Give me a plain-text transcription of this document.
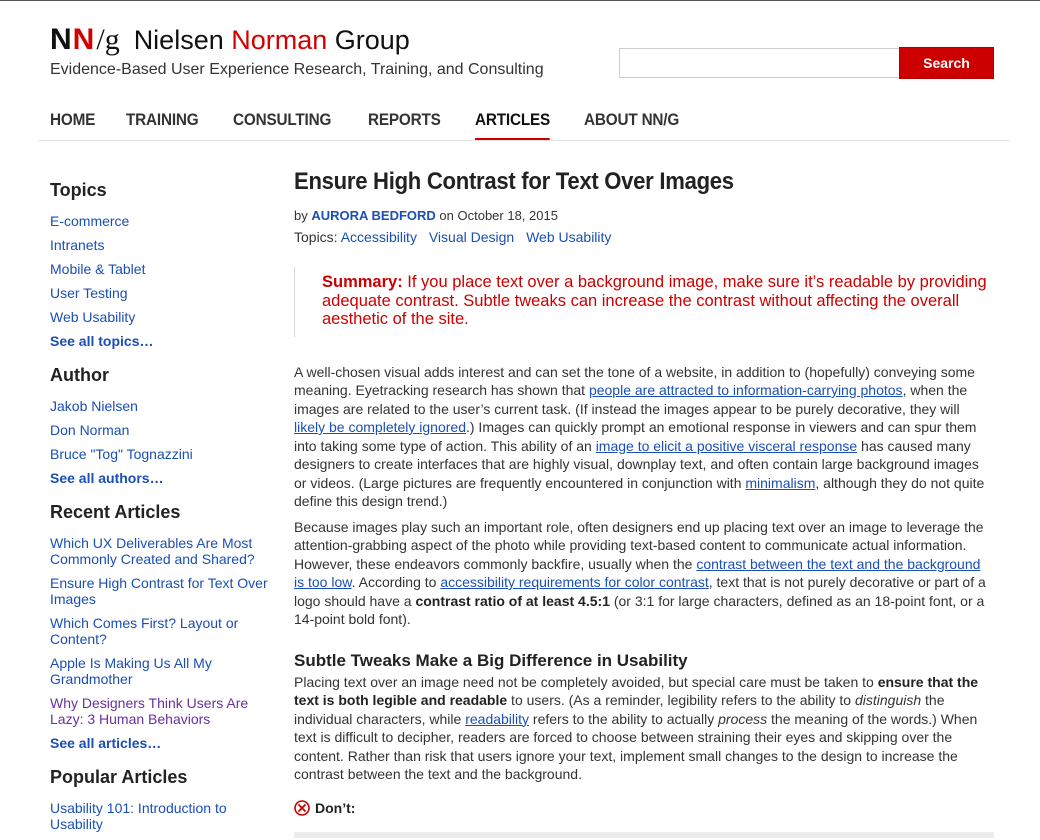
NN / g Nielsen Norman Group
Evidence-Based User Experience Research, Training, and Consulting	Search
HOME TRAINING CONSULTING REPORTS ARTICLES ABOUT NN/G
Topics
E-commerce
Intranets
Mobile & Tablet
User Testing
Web Usability
See all topics…
Author
Jakob Nielsen
Don Norman
Bruce "Tog" Tognazzini
See all authors…
Recent Articles
Which UX Deliverables Are Most Commonly Created and Shared?
Ensure High Contrast for Text Over Images
Which Comes First? Layout or Content?
Apple Is Making Us All My Grandmother
Why Designers Think Users Are Lazy: 3 Human Behaviors
See all articles…
Popular Articles
Usability 101: Introduction to Usability
Ensure High Contrast for Text Over Images
by AURORA BEDFORD on October 18, 2015
Topics: Accessibility Visual Design Web Usability
Summary: If you place text over a background image, make sure it’s readable by providing adequate contrast. Subtle tweaks can increase the contrast without affecting the overall aesthetic of the site.

A well-chosen visual adds interest and can set the tone of a website, in addition to (hopefully) conveying some meaning. Eyetracking research has shown that people are attracted to information-carrying photos, when the images are related to the user’s current task. (If instead the images appear to be purely decorative, they will likely be completely ignored.) Images can quickly prompt an emotional response in viewers and can spur them into taking some type of action. This ability of an image to elicit a positive visceral response has caused many designers to create interfaces that are highly visual, downplay text, and often contain large background images or videos. (Large pictures are frequently encountered in conjunction with minimalism, although they do not quite define this design trend.)

Because images play such an important role, often designers end up placing text over an image to leverage the attention-grabbing aspect of the photo while providing text-based content to communicate actual information. However, these endeavors commonly backfire, usually when the contrast between the text and the background is too low. According to accessibility requirements for color contrast, text that is not purely decorative or part of a logo should have a contrast ratio of at least 4.5:1 (or 3:1 for large characters, defined as an 18-point font, or a 14-point bold font).

Subtle Tweaks Make a Big Difference in Usability

Placing text over an image need not be completely avoided, but special care must be taken to ensure that the text is both legible and readable to users. (As a reminder, legibility refers to the ability to distinguish the individual characters, while readability refers to the ability to actually process the meaning of the words.) When text is difficult to decipher, readers are forced to choose between straining their eyes and skipping over the content. Rather than risk that users ignore your text, implement small changes to the design to increase the contrast between the text and the background.

Don’t:
